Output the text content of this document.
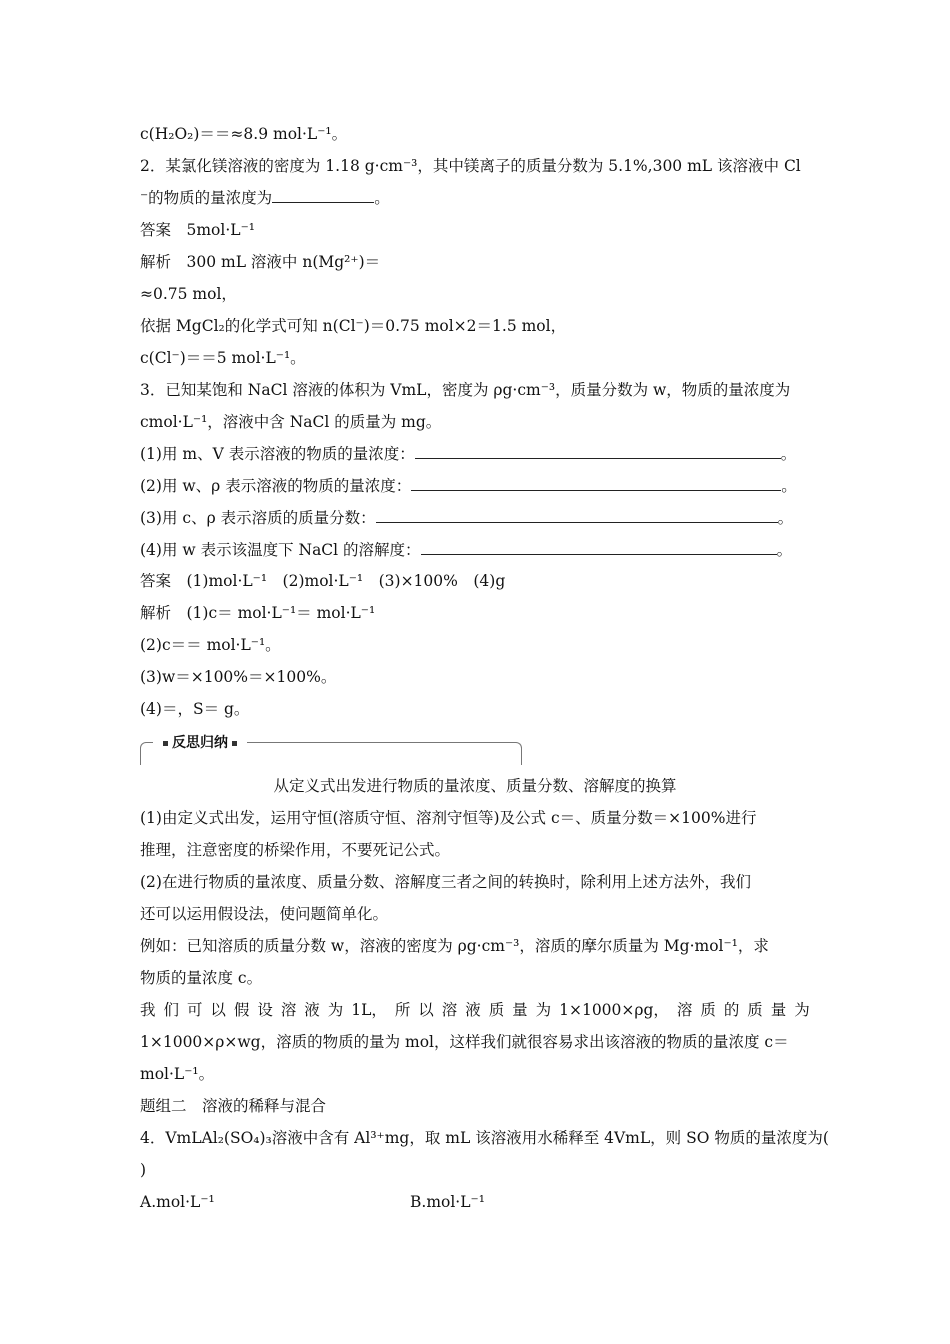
c(H₂O₂)＝＝≈8.9 mol·L⁻¹。
2．某氯化镁溶液的密度为 1.18 g·cm⁻³，其中镁离子的质量分数为 5.1%,300 mL 该溶液中 Cl
⁻的物质的量浓度为	。
答案　5mol·L⁻¹
解析　300 mL 溶液中 n(Mg²⁺)＝
≈0.75 mol，
依据 MgCl₂的化学式可知 n(Cl⁻)＝0.75 mol×2＝1.5 mol，
c(Cl⁻)＝＝5 mol·L⁻¹。
3．已知某饱和 NaCl 溶液的体积为 VmL，密度为 ρg·cm⁻³，质量分数为 w，物质的量浓度为
cmol·L⁻¹，溶液中含 NaCl 的质量为 mg。
(1)用 m、V 表示溶液的物质的量浓度：	。
(2)用 w、ρ 表示溶液的物质的量浓度：	。
(3)用 c、ρ 表示溶质的质量分数：	。
(4)用 w 表示该温度下 NaCl 的溶解度：	。
答案　(1)mol·L⁻¹　(2)mol·L⁻¹　(3)×100%　(4)g
解析　(1)c＝ mol·L⁻¹＝ mol·L⁻¹
(2)c＝＝ mol·L⁻¹。
(3)w＝×100%＝×100%。
(4)＝，S＝ g。
反思归纳
从定义式出发进行物质的量浓度、质量分数、溶解度的换算
(1)由定义式出发，运用守恒(溶质守恒、溶剂守恒等)及公式 c＝、质量分数＝×100%进行
推理，注意密度的桥梁作用，不要死记公式。
(2)在进行物质的量浓度、质量分数、溶解度三者之间的转换时，除利用上述方法外，我们
还可以运用假设法，使问题简单化。
例如：已知溶质的质量分数 w，溶液的密度为 ρg·cm⁻³，溶质的摩尔质量为 Mg·mol⁻¹，求
物质的量浓度 c。
我 们 可 以 假 设 溶 液 为 1L， 所 以 溶 液 质 量 为 1×1000×ρg， 溶 质 的 质 量 为
1×1000×ρ×wg，溶质的物质的量为 mol，这样我们就很容易求出该溶液的物质的量浓度 c＝
mol·L⁻¹。
题组二　溶液的稀释与混合
4．VmLAl₂(SO₄)₃溶液中含有 Al³⁺mg，取 mL 该溶液用水稀释至 4VmL，则 SO 物质的量浓度为(
)
A.mol·L⁻¹	B.mol·L⁻¹
